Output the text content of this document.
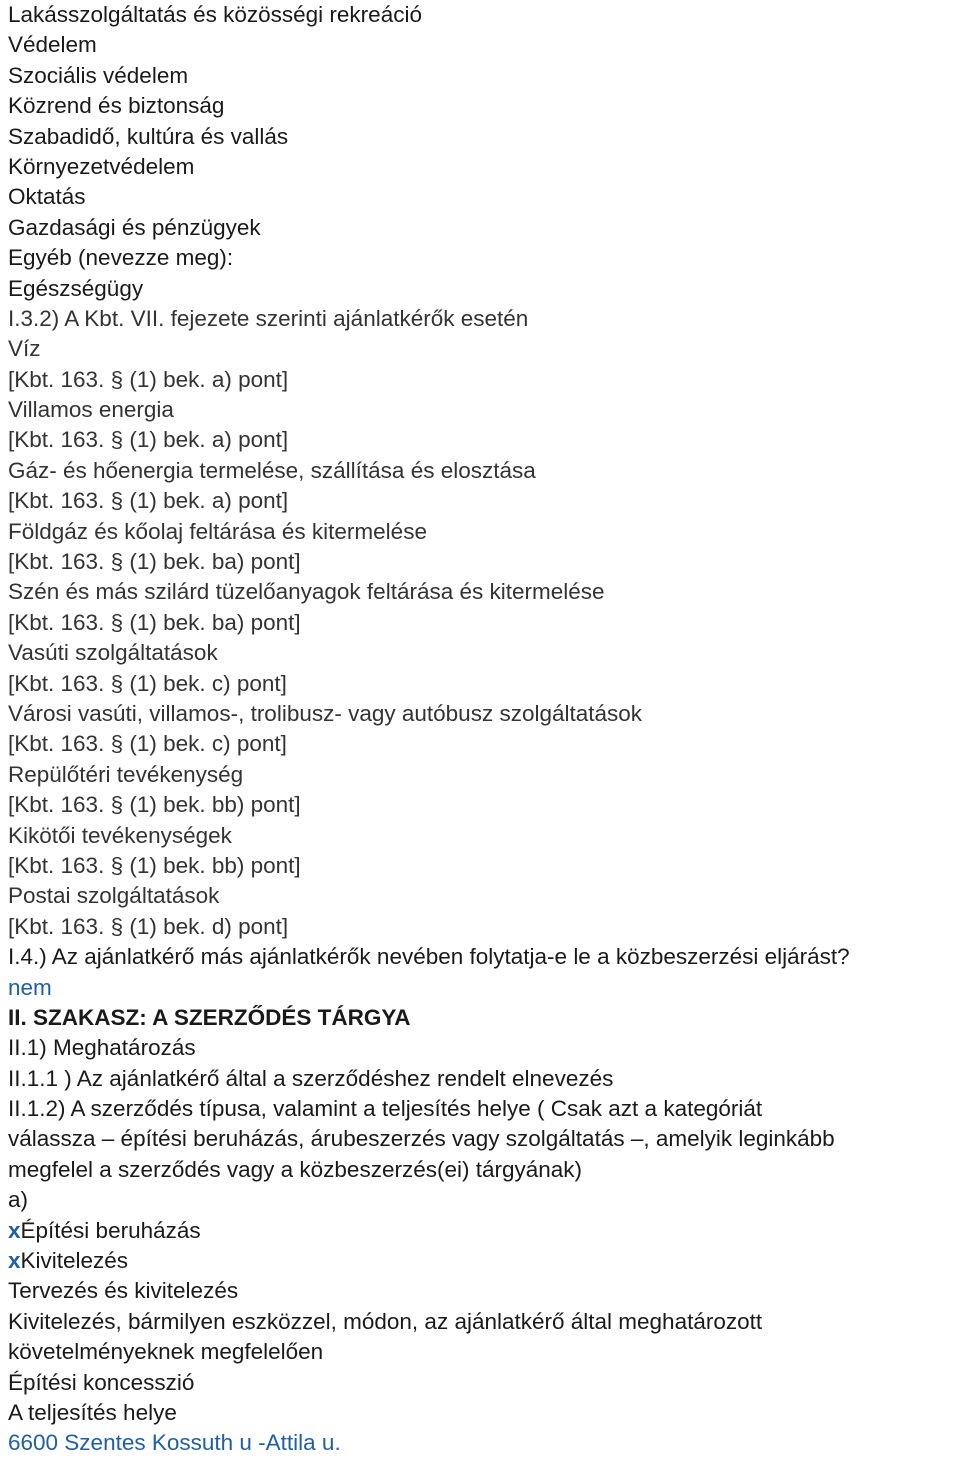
Lakásszolgáltatás és közösségi rekreáció
Védelem
Szociális védelem
Közrend és biztonság
Szabadidő, kultúra és vallás
Környezetvédelem
Oktatás
Gazdasági és pénzügyek
Egyéb (nevezze meg):
Egészségügy
I.3.2) A Kbt. VII. fejezete szerinti ajánlatkérők esetén
Víz
[Kbt. 163. § (1) bek. a) pont]
Villamos energia
[Kbt. 163. § (1) bek. a) pont]
Gáz- és hőenergia termelése, szállítása és elosztása
[Kbt. 163. § (1) bek. a) pont]
Földgáz és kőolaj feltárása és kitermelése
[Kbt. 163. § (1) bek. ba) pont]
Szén és más szilárd tüzelőanyagok feltárása és kitermelése
[Kbt. 163. § (1) bek. ba) pont]
Vasúti szolgáltatások
[Kbt. 163. § (1) bek. c) pont]
Városi vasúti, villamos-, trolibusz- vagy autóbusz szolgáltatások
[Kbt. 163. § (1) bek. c) pont]
Repülőtéri tevékenység
[Kbt. 163. § (1) bek. bb) pont]
Kikötői tevékenységek
[Kbt. 163. § (1) bek. bb) pont]
Postai szolgáltatások
[Kbt. 163. § (1) bek. d) pont]
I.4.) Az ajánlatkérő más ajánlatkérők nevében folytatja-e le a közbeszerzési eljárást?
nem
II. SZAKASZ: A SZERZŐDÉS TÁRGYA
II.1) Meghatározás
II.1.1 ) Az ajánlatkérő által a szerződéshez rendelt elnevezés
II.1.2) A szerződés típusa, valamint a teljesítés helye ( Csak azt a kategóriát
válassza – építési beruházás, árubeszerzés vagy szolgáltatás –, amelyik leginkább
megfelel a szerződés vagy a közbeszerzés(ei) tárgyának)
a)
xÉpítési beruházás
xKivitelezés
Tervezés és kivitelezés
Kivitelezés, bármilyen eszközzel, módon, az ajánlatkérő által meghatározott
követelményeknek megfelelően
Építési koncesszió
A teljesítés helye
6600 Szentes Kossuth u -Attila u.
